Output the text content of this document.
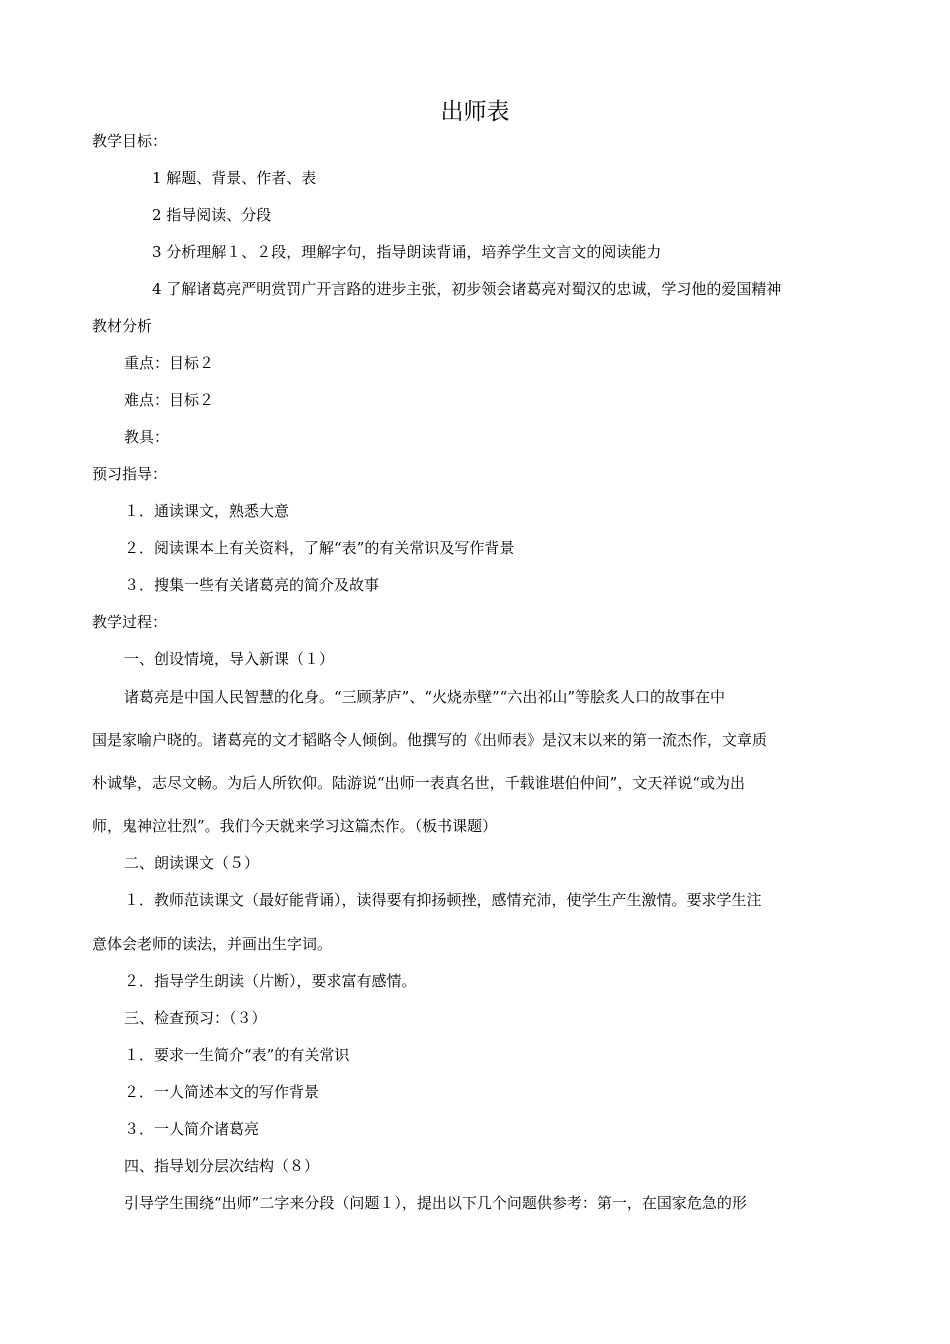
出师表
教学目标：
1 解题、背景、作者、表
2 指导阅读、分段
3 分析理解１、２段，理解字句，指导朗读背诵，培养学生文言文的阅读能力
4 了解诸葛亮严明赏罚广开言路的进步主张，初步领会诸葛亮对蜀汉的忠诚，学习他的爱国精神
教材分析
重点：目标２
难点：目标２
教具：
预习指导：
１．通读课文，熟悉大意
２．阅读课本上有关资料，了解“表”的有关常识及写作背景
３．搜集一些有关诸葛亮的简介及故事
教学过程：
一、创设情境，导入新课（１）
诸葛亮是中国人民智慧的化身。“三顾茅庐”、“火烧赤壁”“六出祁山”等脍炙人口的故事在中
国是家喻户晓的。诸葛亮的文才韬略令人倾倒。他撰写的《出师表》是汉末以来的第一流杰作，文章质
朴诚挚，志尽文畅。为后人所钦仰。陆游说“出师一表真名世，千载谁堪伯仲间”，文天祥说“或为出
师，鬼神泣壮烈”。我们今天就来学习这篇杰作。（板书课题）
二、朗读课文（５）
１．教师范读课文（最好能背诵），读得要有抑扬顿挫，感情充沛，使学生产生激情。要求学生注
意体会老师的读法，并画出生字词。
２．指导学生朗读（片断），要求富有感情。
三、检查预习：（３）
１．要求一生简介“表”的有关常识
２．一人简述本文的写作背景
３．一人简介诸葛亮
四、指导划分层次结构（８）
引导学生围绕“出师”二字来分段（问题１），提出以下几个问题供参考：第一，在国家危急的形
